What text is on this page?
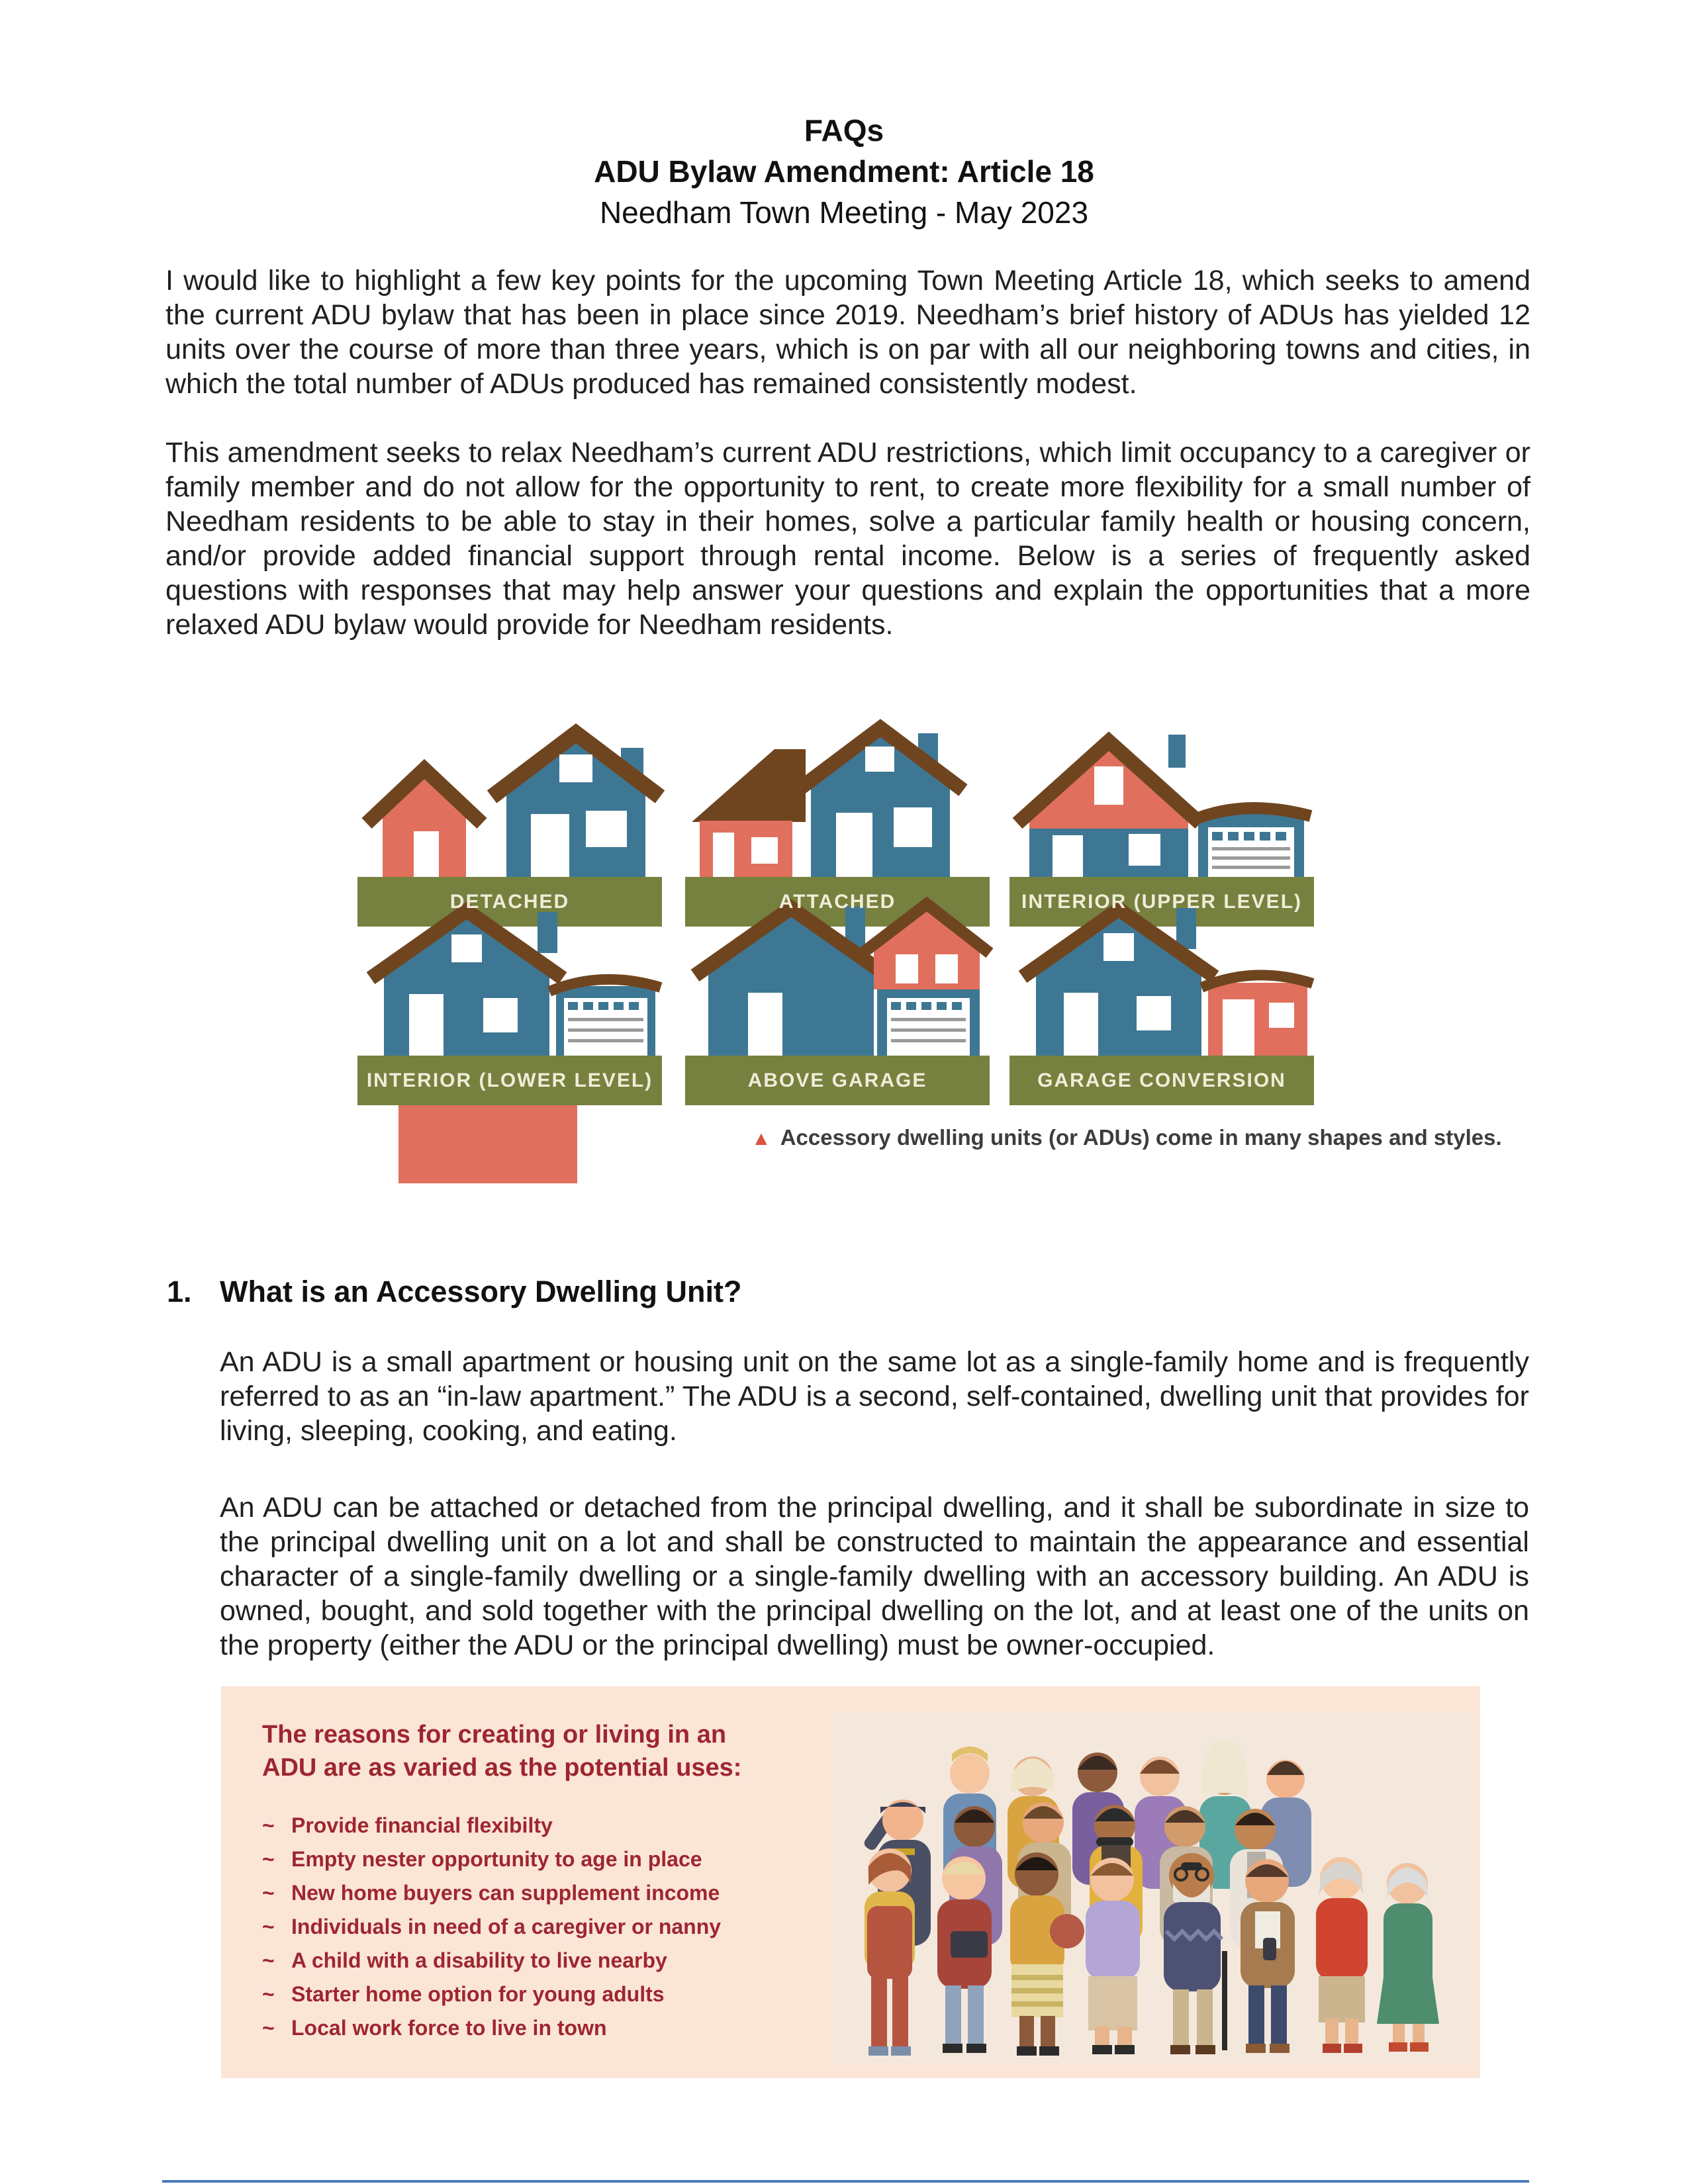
FAQs
ADU Bylaw Amendment: Article 18
Needham Town Meeting - May 2023
I would like to highlight a few key points for the upcoming Town Meeting Article 18, which seeks to amend the current ADU bylaw that has been in place since 2019. Needham’s brief history of ADUs has yielded 12 units over the course of more than three years, which is on par with all our neighboring towns and cities, in which the total number of ADUs produced has remained consistently modest.
This amendment seeks to relax Needham’s current ADU restrictions, which limit occupancy to a caregiver or family member and do not allow for the opportunity to rent, to create more flexibility for a small number of Needham residents to be able to stay in their homes, solve a particular family health or housing concern, and/or provide added financial support through rental income. Below is a series of frequently asked questions with responses that may help answer your questions and explain the opportunities that a more relaxed ADU bylaw would provide for Needham residents.
DETACHED	ATTACHED	INTERIOR (UPPER LEVEL)
INTERIOR (LOWER LEVEL)	ABOVE GARAGE	GARAGE CONVERSION
▲ Accessory dwelling units (or ADUs) come in many shapes and styles.
1. What is an Accessory Dwelling Unit?
An ADU is a small apartment or housing unit on the same lot as a single-family home and is frequently referred to as an “in-law apartment.” The ADU is a second, self-contained, dwelling unit that provides for living, sleeping, cooking, and eating.
An ADU can be attached or detached from the principal dwelling, and it shall be subordinate in size to the principal dwelling unit on a lot and shall be constructed to maintain the appearance and essential character of a single-family dwelling or a single-family dwelling with an accessory building. An ADU is owned, bought, and sold together with the principal dwelling on the lot, and at least one of the units on the property (either the ADU or the principal dwelling) must be owner-occupied.
The reasons for creating or living in an
ADU are as varied as the potential uses:
~ Provide financial flexibilty
~ Empty nester opportunity to age in place
~ New home buyers can supplement income
~ Individuals in need of a caregiver or nanny
~ A child with a disability to live nearby
~ Starter home option for young adults
~ Local work force to live in town
